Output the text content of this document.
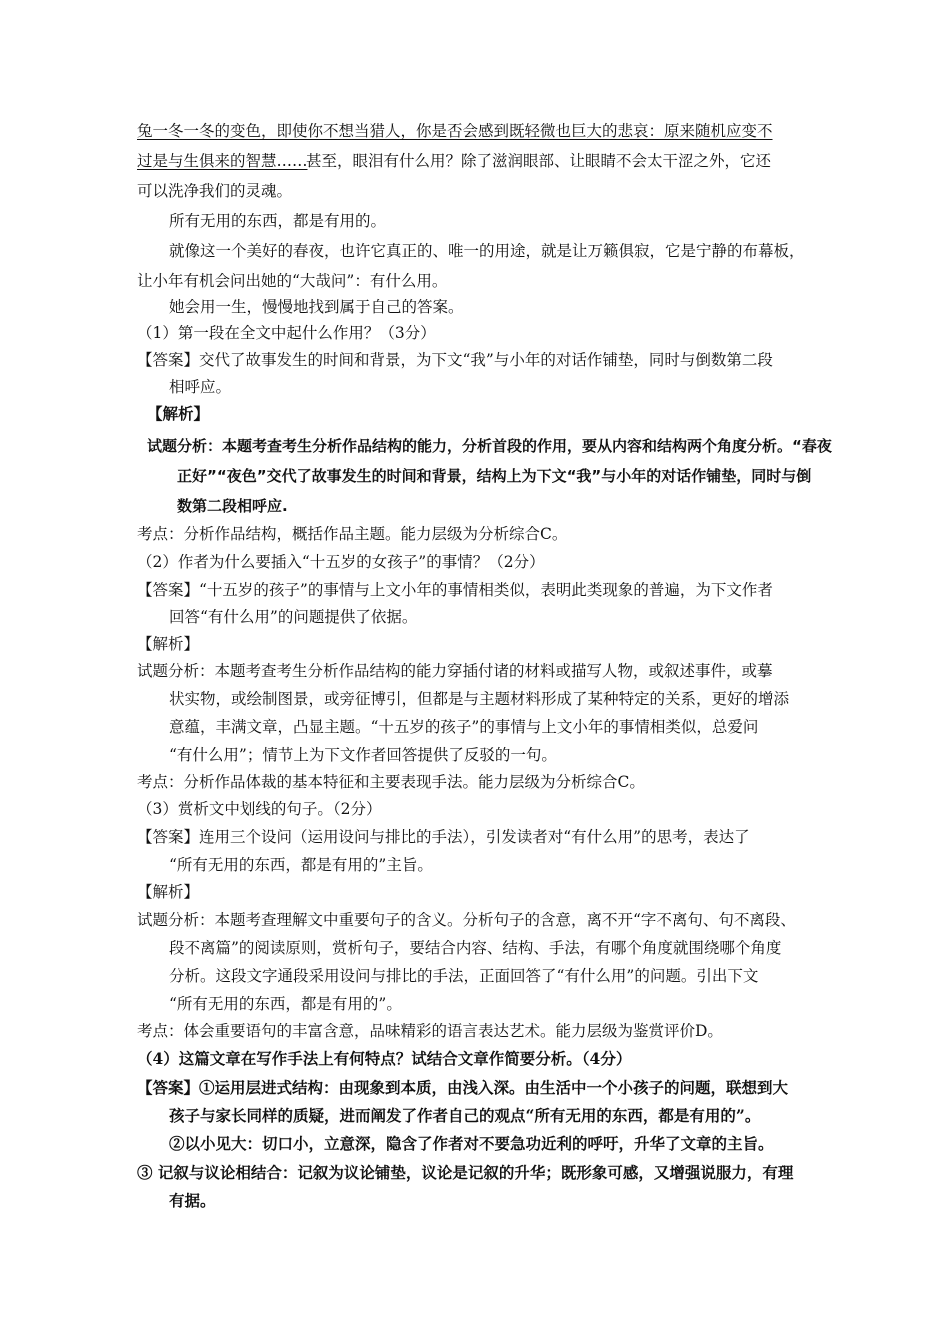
兔一冬一冬的变色，即使你不想当猎人，你是否会感到既轻微也巨大的悲哀：原来随机应变不
过是与生俱来的智慧……
甚至，眼泪有什么用？除了滋润眼部、让眼睛不会太干涩之外，它还
可以洗净我们的灵魂。
所有无用的东西，都是有用的。
就像这一个美好的春夜，也许它真正的、唯一的用途，就是让万籁俱寂，它是宁静的布幕板，
让小年有机会问出她的“大哉问”：有什么用。
她会用一生，慢慢地找到属于自己的答案。
（1）第一段在全文中起什么作用？（3分）
【答案】交代了故事发生的时间和背景，为下文“我”与小年的对话作铺垫，同时与倒数第二段
相呼应。
【解析】
试题分析：本题考查考生分析作品结构的能力，分析首段的作用，要从内容和结构两个角度分析。“春夜
正好”“夜色”交代了故事发生的时间和背景，结构上为下文“我”与小年的对话作铺垫，同时与倒
数第二段相呼应.
考点：分析作品结构，概括作品主题。能力层级为分析综合C。
（2）作者为什么要插入“十五岁的女孩子”的事情？（2分）
【答案】“十五岁的孩子”的事情与上文小年的事情相类似，表明此类现象的普遍，为下文作者
回答“有什么用”的问题提供了依据。
【解析】
试题分析：本题考查考生分析作品结构的能力穿插付诸的材料或描写人物，或叙述事件，或摹
状实物，或绘制图景，或旁征博引，但都是与主题材料形成了某种特定的关系，更好的增添
意蕴，丰满文章，凸显主题。“十五岁的孩子”的事情与上文小年的事情相类似，总爱问
“有什么用”；情节上为下文作者回答提供了反驳的一句。
考点：分析作品体裁的基本特征和主要表现手法。能力层级为分析综合C。
（3）赏析文中划线的句子。（2分）
【答案】连用三个设问（运用设问与排比的手法），引发读者对“有什么用”的思考，表达了
“所有无用的东西，都是有用的”主旨。
【解析】
试题分析：本题考查理解文中重要句子的含义。分析句子的含意，离不开“字不离句、句不离段、
段不离篇”的阅读原则，赏析句子，要结合内容、结构、手法，有哪个角度就围绕哪个角度
分析。这段文字通段采用设问与排比的手法，正面回答了“有什么用”的问题。引出下文
“所有无用的东西，都是有用的”。
考点：体会重要语句的丰富含意，品味精彩的语言表达艺术。能力层级为鉴赏评价D。
（4）这篇文章在写作手法上有何特点？试结合文章作简要分析。（4分）
【答案】①运用层进式结构：由现象到本质，由浅入深。由生活中一个小孩子的问题，联想到大
孩子与家长同样的质疑，进而阐发了作者自己的观点“所有无用的东西，都是有用的”。
②以小见大：切口小，立意深，隐含了作者对不要急功近利的呼吁，升华了文章的主旨。
③ 记叙与议论相结合：记叙为议论铺垫，议论是记叙的升华；既形象可感，又增强说服力，有理
有据。
